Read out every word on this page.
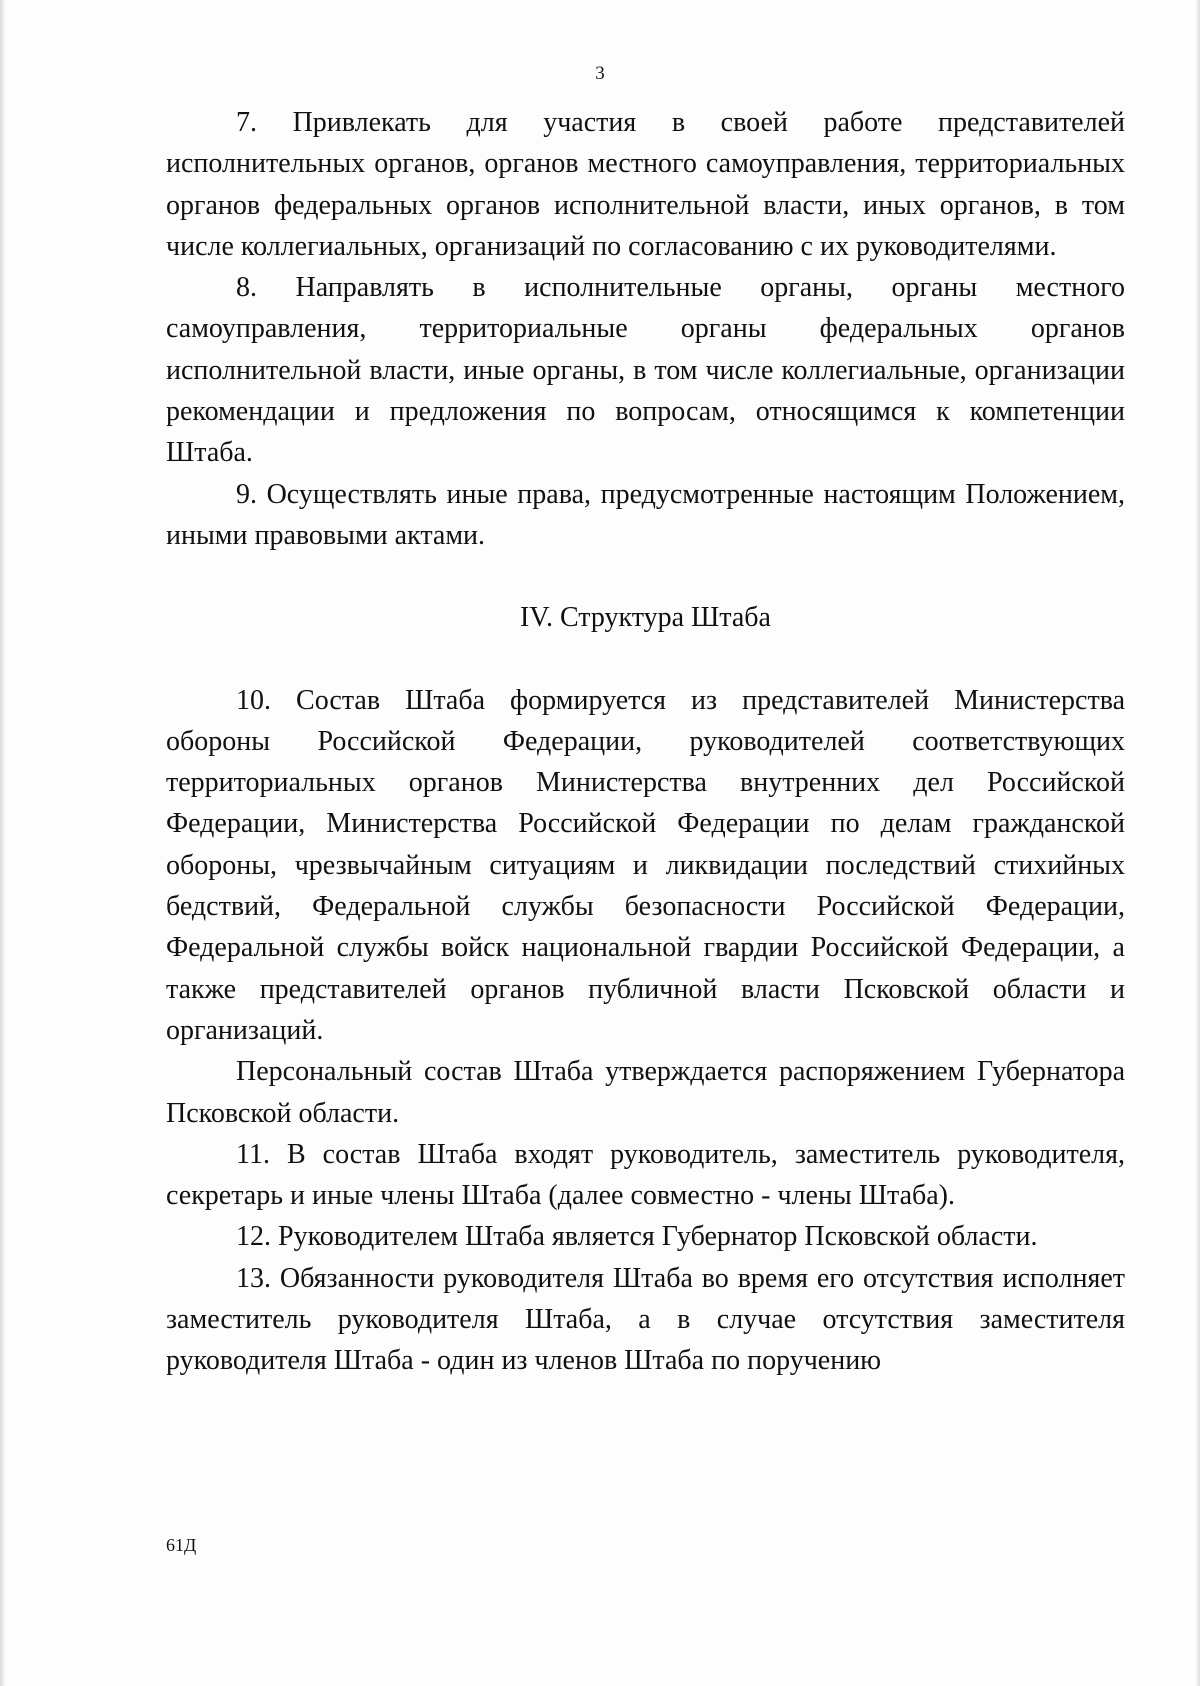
3

7. Привлекать для участия в своей работе представителей исполнительных органов, органов местного самоуправления, территориальных органов федеральных органов исполнительной власти, иных органов, в том числе коллегиальных, организаций по согласованию с их руководителями.

8. Направлять в исполнительные органы, органы местного самоуправления, территориальные органы федеральных органов исполнительной власти, иные органы, в том числе коллегиальные, организации рекомендации и предложения по вопросам, относящимся к компетенции Штаба.

9. Осуществлять иные права, предусмотренные настоящим Положением, иными правовыми актами.

IV. Структура Штаба

10. Состав Штаба формируется из представителей Министерства обороны Российской Федерации, руководителей соответствующих территориальных органов Министерства внутренних дел Российской Федерации, Министерства Российской Федерации по делам гражданской обороны, чрезвычайным ситуациям и ликвидации последствий стихийных бедствий, Федеральной службы безопасности Российской Федерации, Федеральной службы войск национальной гвардии Российской Федерации, а также представителей органов публичной власти Псковской области и организаций.

Персональный состав Штаба утверждается распоряжением Губернатора Псковской области.

11. В состав Штаба входят руководитель, заместитель руководителя, секретарь и иные члены Штаба (далее совместно - члены Штаба).

12. Руководителем Штаба является Губернатор Псковской области.

13. Обязанности руководителя Штаба во время его отсутствия исполняет заместитель руководителя Штаба, а в случае отсутствия заместителя руководителя Штаба - один из членов Штаба по поручению

61Д
